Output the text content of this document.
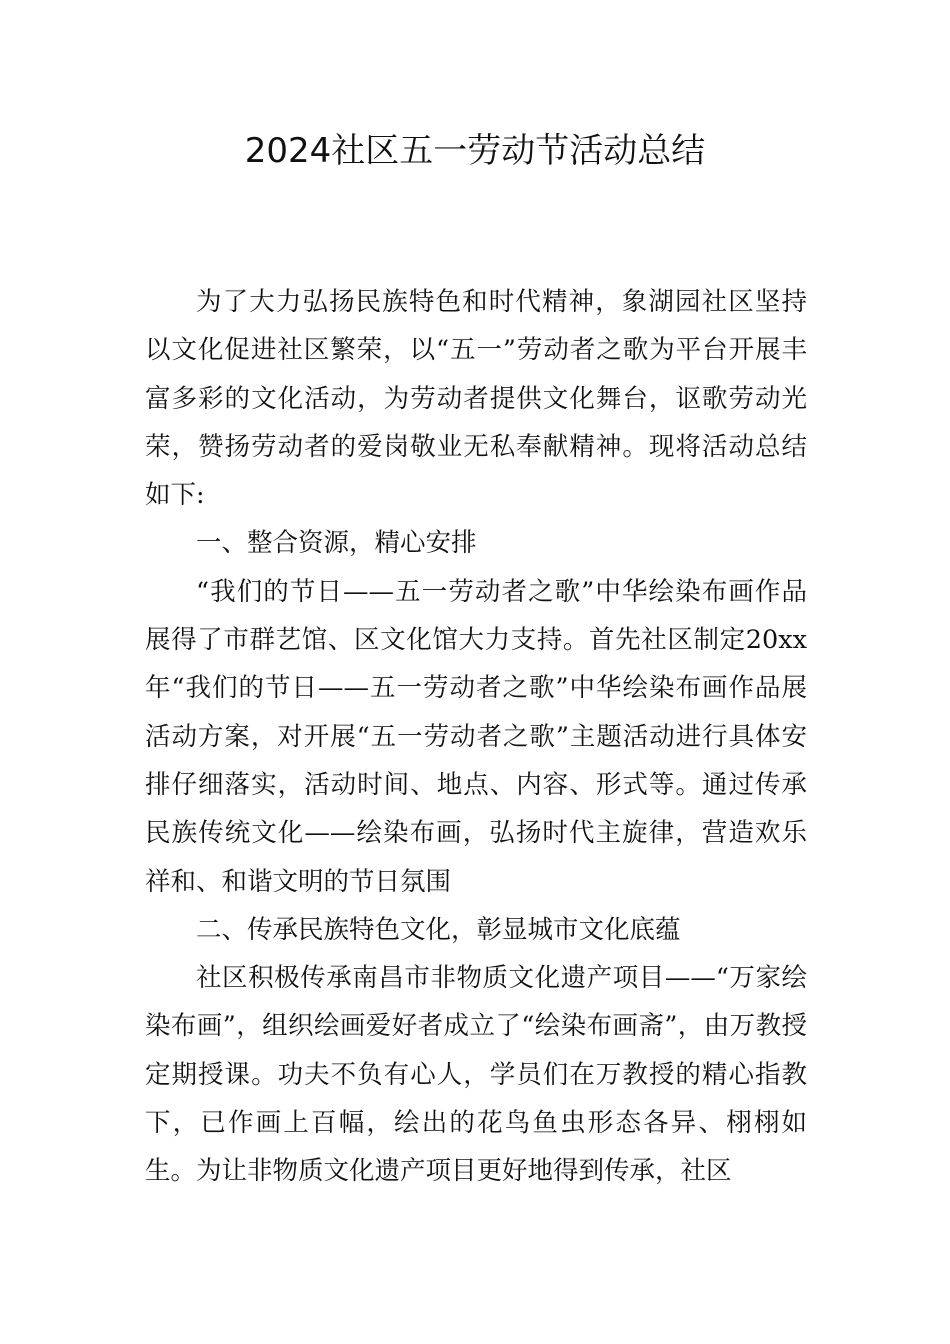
2024社区五一劳动节活动总结

为了大力弘扬民族特色和时代精神，象湖园社区坚持以文化促进社区繁荣，以“五一”劳动者之歌为平台开展丰富多彩的文化活动，为劳动者提供文化舞台，讴歌劳动光荣，赞扬劳动者的爱岗敬业无私奉献精神。现将活动总结如下:

一、整合资源，精心安排

“我们的节日——五一劳动者之歌”中华绘染布画作品展得了市群艺馆、区文化馆大力支持。首先社区制定20xx年“我们的节日——五一劳动者之歌”中华绘染布画作品展活动方案，对开展“五一劳动者之歌”主题活动进行具体安排仔细落实，活动时间、地点、内容、形式等。通过传承民族传统文化——绘染布画，弘扬时代主旋律，营造欢乐祥和、和谐文明的节日氛围

二、传承民族特色文化，彰显城市文化底蕴

社区积极传承南昌市非物质文化遗产项目——“万家绘染布画”，组织绘画爱好者成立了“绘染布画斋”，由万教授定期授课。功夫不负有心人，学员们在万教授的精心指教下，已作画上百幅，绘出的花鸟鱼虫形态各异、栩栩如生。为让非物质文化遗产项目更好地得到传承，社区
